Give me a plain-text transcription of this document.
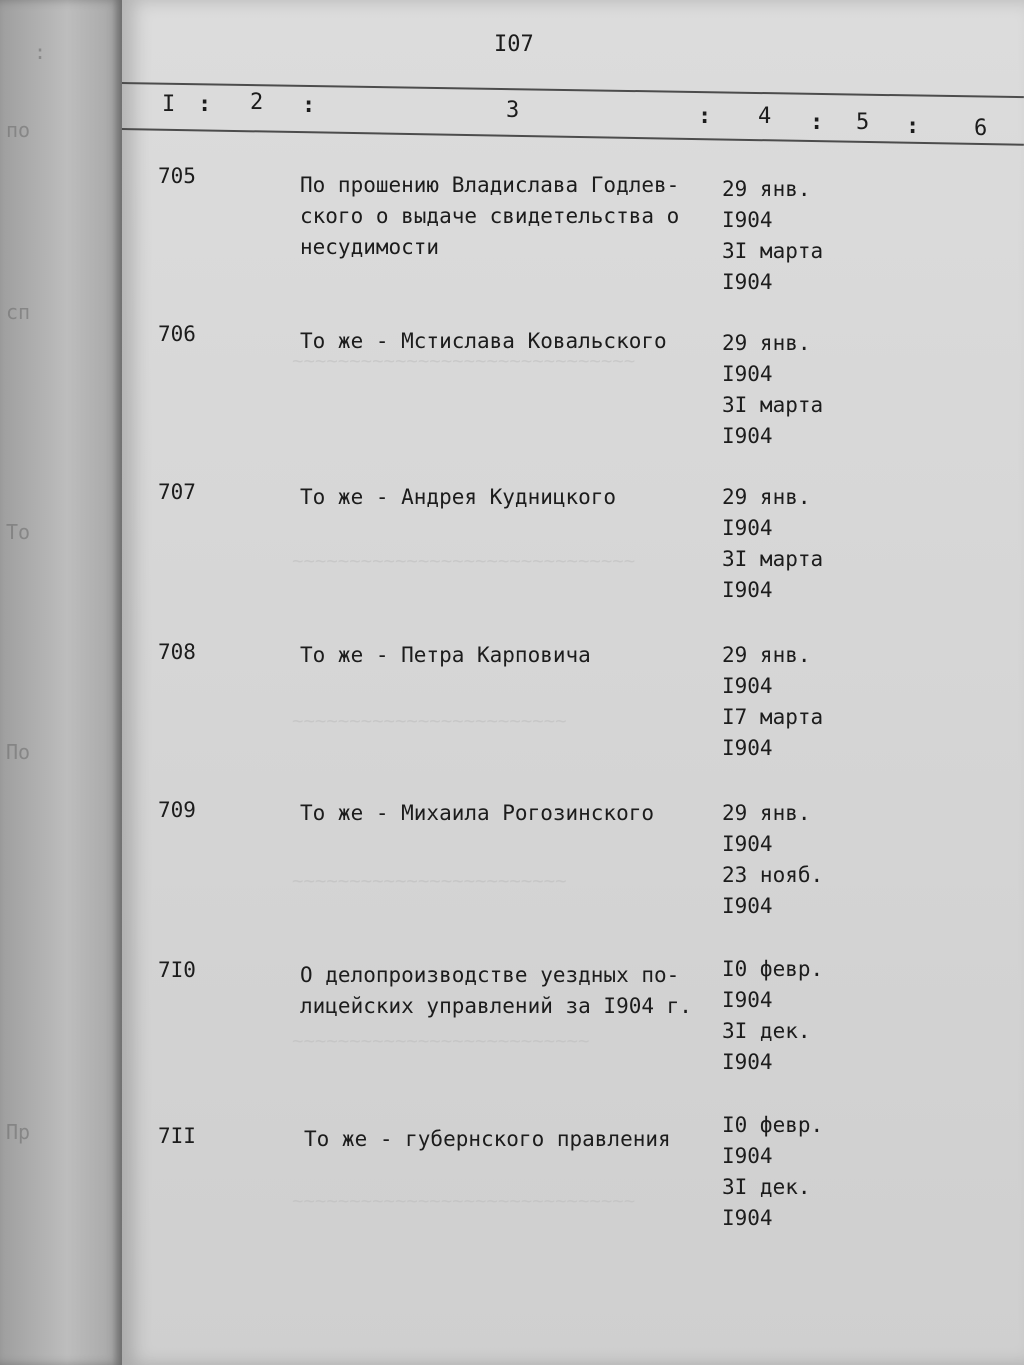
:
по
сп
То
По
Пр
~~~~~~~~~~~~~~~~~~~~~~~~~~~~~~
~~~~~~~~~~~~~~~~~~~~~~~~~~~~~~
~~~~~~~~~~~~~~~~~~~~~~~~
~~~~~~~~~~~~~~~~~~~~~~~~
~~~~~~~~~~~~~~~~~~~~~~~~~~
~~~~~~~~~~~~~~~~~~~~~~~~~~~~~~
I07
I : 2 :	3	: 4 : 5 : 6
705	По прошению Владислава Годлев-
ского о выдаче свидетельства о
несудимости
29 янв.
I904
3I марта
I904
706	То же - Мстислава Ковальского	29 янв.
I904
3I марта
I904
707	То же - Андрея Кудницкого	29 янв.
I904
3I марта
I904
708	То же - Петра Карповича	29 янв.
I904
I7 марта
I904
709	То же - Михаила Рогозинского	29 янв.
I904
23 нояб.
I904
7I0	О делопроизводстве уездных по-
лицейских управлений за I904 г.
I0 февр.
I904
3I дек.
I904
7II	То же - губернского правления
I0 февр.
I904
3I дек.
I904
